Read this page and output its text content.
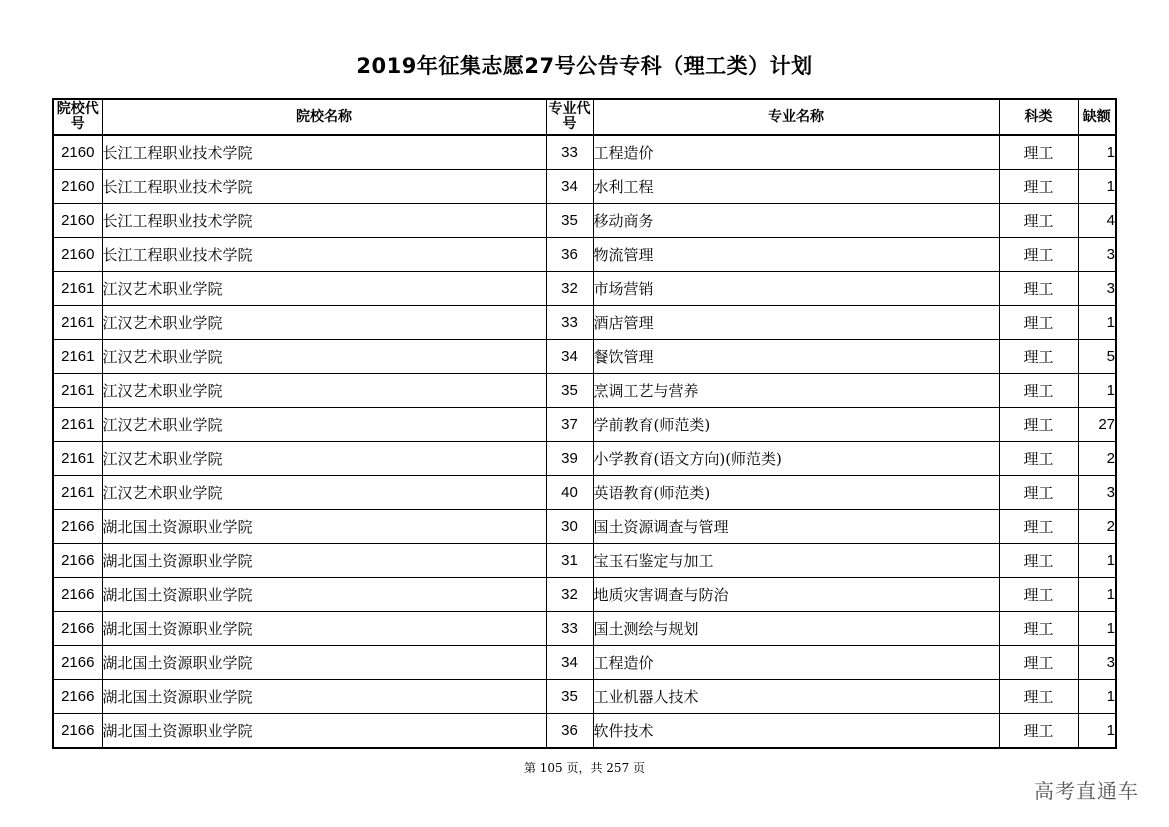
2019年征集志愿27号公告专科（理工类）计划
院校代号	院校名称	专业代号	专业名称	科类	缺额
2160	长江工程职业技术学院	33	工程造价	理工	1
2160	长江工程职业技术学院	34	水利工程	理工	1
2160	长江工程职业技术学院	35	移动商务	理工	4
2160	长江工程职业技术学院	36	物流管理	理工	3
2161	江汉艺术职业学院	32	市场营销	理工	3
2161	江汉艺术职业学院	33	酒店管理	理工	1
2161	江汉艺术职业学院	34	餐饮管理	理工	5
2161	江汉艺术职业学院	35	烹调工艺与营养	理工	1
2161	江汉艺术职业学院	37	学前教育(师范类)	理工	27
2161	江汉艺术职业学院	39	小学教育(语文方向)(师范类)	理工	2
2161	江汉艺术职业学院	40	英语教育(师范类)	理工	3
2166	湖北国土资源职业学院	30	国土资源调查与管理	理工	2
2166	湖北国土资源职业学院	31	宝玉石鉴定与加工	理工	1
2166	湖北国土资源职业学院	32	地质灾害调查与防治	理工	1
2166	湖北国土资源职业学院	33	国土测绘与规划	理工	1
2166	湖北国土资源职业学院	34	工程造价	理工	3
2166	湖北国土资源职业学院	35	工业机器人技术	理工	1
2166	湖北国土资源职业学院	36	软件技术	理工	1
第 105 页，共 257 页
高考直通车
